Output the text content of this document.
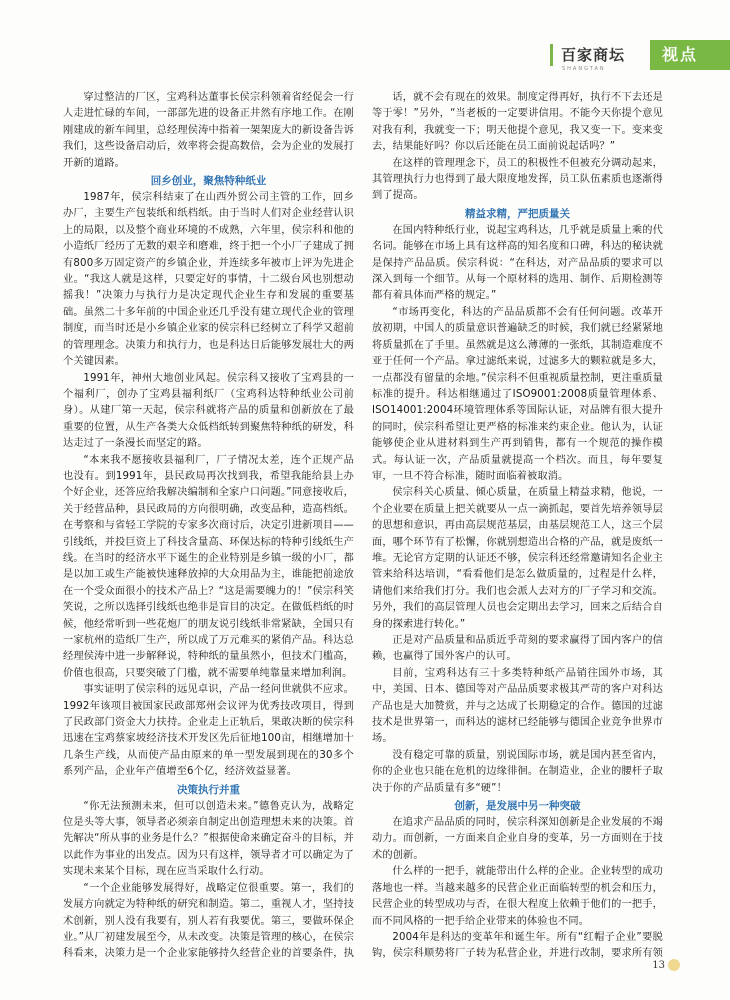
百家商坛
SHANGTAN
视点

穿过整洁的厂区，宝鸡科达董事长侯宗科领着省经促会一行人走进忙碌的车间，一部部先进的设备正井然有序地工作。在刚刚建成的新车间里，总经理侯涛中指着一架架庞大的新设备告诉我们，这些设备启动后，效率将会提高数倍，会为企业的发展打开新的道路。

回乡创业，聚焦特种纸业

1987年，侯宗科结束了在山西外贸公司主管的工作，回乡办厂，主要生产包装纸和纸档纸。由于当时人们对企业经营认识上的局限，以及整个商业环境的不成熟，六年里，侯宗科和他的小造纸厂经历了无数的艰辛和磨难，终于把一个小厂子建成了拥有800多万固定资产的乡镇企业，并连续多年被市上评为先进企业。“我这人就是这样，只要定好的事情，十二级台风也别想动摇我！”决策力与执行力是决定现代企业生存和发展的重要基础。虽然二十多年前的中国企业还几乎没有建立现代企业的管理制度，而当时还是小乡镇企业家的侯宗科已经树立了科学又超前的管理理念。决策力和执行力，也是科达日后能够发展壮大的两个关键因素。

1991年，神州大地创业风起。侯宗科又接收了宝鸡县的一个福利厂，创办了宝鸡县福利纸厂（宝鸡科达特种纸业公司前身）。从建厂第一天起，侯宗科就将产品的质量和创新放在了最重要的位置，从生产各类大众低档纸转到聚焦特种纸的研发，科达走过了一条漫长而坚定的路。

“本来我不愿接收县福利厂，厂子情况太差，连个正规产品也没有。到1991年，县民政局再次找到我，希望我能给县上办个好企业，还答应给我解决编制和全家户口问题。”同意接收后，关于经营品种，县民政局的方向很明确，改变品种，造高档纸。在考察和与省轻工学院的专家多次商讨后，决定引进新项目——引线纸，并投巨资上了科技含量高、环保达标的特种引线纸生产线。在当时的经济水平下诞生的企业特别是乡镇一级的小厂，都是以加工或生产能被快速释放掉的大众用品为主，谁能把前途放在一个受众面很小的技术产品上？“这是需要魄力的！”侯宗科笑笑说，之所以选择引线纸也绝非是盲目的决定。在做低档纸的时候，他经常听到一些花炮厂的朋友说引线纸非常紧缺，全国只有一家杭州的造纸厂生产，所以成了万元难买的紧俏产品。科达总经理侯涛中进一步解释说，特种纸的量虽然小，但技术门槛高，价值也很高，只要突破了门槛，就不需要单纯靠量来增加利润。

事实证明了侯宗科的远见卓识，产品一经问世就供不应求。1992年该项目被国家民政部郑州会议评为优秀技改项目，得到了民政部门资金大力扶持。企业走上正轨后，果敢决断的侯宗科迅速在宝鸡蔡家坡经济技术开发区先后征地100亩，相继增加十几条生产线，从而使产品由原来的单一型发展到现在的30多个系列产品，企业年产值增至6个亿，经济效益显著。

决策执行并重

“你无法预测未来，但可以创造未来。”德鲁克认为，战略定位是头等大事，领导者必须亲自制定出创造理想未来的决策。首先解决“所从事的业务是什么？”根据使命来确定奋斗的目标，并以此作为事业的出发点。因为只有这样，领导者才可以确定为了实现未来某个目标，现在应当采取什么行动。

“一个企业能够发展得好，战略定位很重要。第一，我们的发展方向就定为特种纸的研究和制造。第二，重视人才，坚持技术创新，别人没有我要有，别人若有我要优。第三，要做环保企业。”从厂初建发展至今，从未改变。决策是管理的核心，在侯宗科看来，决策力是一个企业家能够持久经营企业的首要条件，执

话，就不会有现在的效果。制度定得再好，执行不下去还是等于零！”另外，“当老板的一定要讲信用。不能今天你提个意见对我有利，我就变一下；明天他提个意见，我又变一下。变来变去，结果能好吗？你以后还能在员工面前说起话吗？”

在这样的管理理念下，员工的积极性不但被充分调动起来，其管理执行力也得到了最大限度地发挥，员工队伍素质也逐渐得到了提高。

精益求精，严把质量关

在国内特种纸行业，说起宝鸡科达，几乎就是质量上乘的代名词。能够在市场上具有这样高的知名度和口碑，科达的秘诀就是保持产品品质。侯宗科说：“在科达，对产品品质的要求可以深入到每一个细节。从每一个原材料的选用、制作、后期检测等都有着具体而严格的规定。”

“市场再变化，科达的产品品质都不会有任何问题。改革开放初期，中国人的质量意识普遍缺乏的时候，我们就已经紧紧地将质量抓在了手里。虽然就是这么薄薄的一张纸，其制造难度不亚于任何一个产品。拿过滤纸来说，过滤多大的颗粒就是多大，一点都没有留量的余地。”侯宗科不但重视质量控制，更注重质量标准的提升。科达相继通过了ISO9001:2008质量管理体系、ISO14001:2004环境管理体系等国际认证，对品牌有很大提升的同时，侯宗科希望让更严格的标准来约束企业。他认为，认证能够使企业从进材料到生产再到销售，都有一个规范的操作模式。每认证一次，产品质量就提高一个档次。而且，每年要复审，一旦不符合标准，随时面临着被取消。

侯宗科关心质量、倾心质量，在质量上精益求精，他说，一个企业要在质量上把关就要从一点一滴抓起，要首先培养领导层的思想和意识，再由高层规范基层，由基层规范工人，这三个层面，哪个环节有了松懈，你就别想造出合格的产品，就是废纸一堆。无论官方定期的认证还不够，侯宗科还经常邀请知名企业主管来给科达培训，“看看他们是怎么做质量的，过程是什么样，请他们来给我们打分。我们也会派人去对方的厂子学习和交流。另外，我们的高层管理人员也会定期出去学习，回来之后结合自身的探索进行转化。”

正是对产品质量和品质近乎苛刻的要求赢得了国内客户的信赖，也赢得了国外客户的认可。

目前，宝鸡科达有三十多类特种纸产品销往国外市场，其中，美国、日本、德国等对产品品质要求极其严苛的客户对科达产品也是大加赞赏，并与之达成了长期稳定的合作。德国的过滤技术是世界第一，而科达的滤材已经能够与德国企业竞争世界市场。

没有稳定可靠的质量，别说国际市场，就是国内甚至省内，你的企业也只能在危机的边缘徘徊。在制造业，企业的腰杆子取决于你的产品质量有多“硬”！

创新，是发展中另一种突破

在追求产品品质的同时，侯宗科深知创新是企业发展的不竭动力。而创新，一方面来自企业自身的变革，另一方面则在于技术的创新。

什么样的一把手，就能带出什么样的企业。企业转型的成功落地也一样。当越来越多的民营企业正面临转型的机会和压力，民营企业的转型成功与否，在很大程度上依赖于他们的一把手，而不同风格的一把手给企业带来的体验也不同。

2004年是科达的变革年和诞生年。所有“红帽子企业”要脱钩，侯宗科顺势将厂子转为私营企业，并进行改制，要求所有领

13
